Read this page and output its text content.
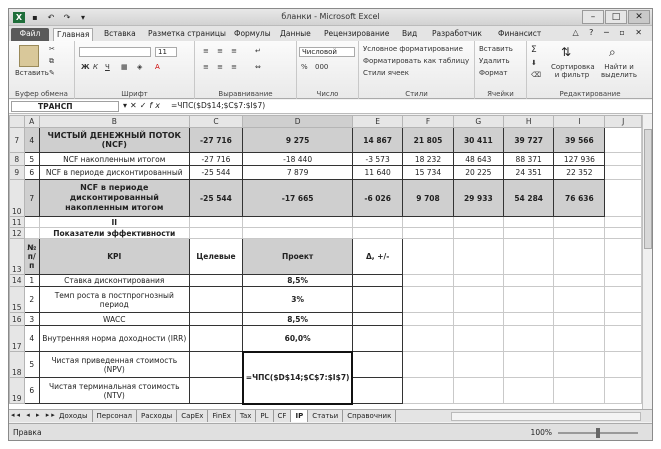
X	▪	↶	↷	▾	бланки - Microsoft Excel	–	□	✕
Файл	Главная	Вставка	Разметка страницы	Формулы	Данные	Рецензирование	Вид	Разработчик	Финансист	△ ? ─ ▫ ✕
Вставить
✂
⧉
✎
Буфер обмена
11
Ж К Ч ▦ ◈ A
Шрифт
≡ ≡ ≡
≡ ≡ ≡
↵
⇔
Выравнивание
Числовой
% 000
Число
Условное форматирование
Форматировать как таблицу
Стили ячеек
Стили
Вставить
Удалить
Формат
Ячейки
Σ
⬇
⌫
⇅
Сортировка и фильтр
⌕
Найти и выделить
Редактирование
ТРАНСП	▾✕✓fx =ЧПС($D$14;$C$7:$I$7)
	A	B	C	D	E	F	G	H	I	J
7	4	ЧИСТЫЙ ДЕНЕЖНЫЙ ПОТОК (NCF)	-27 716	9 275	14 867	21 805	30 411	39 727	39 566	
8	5	NCF накопленным итогом	-27 716	-18 440	-3 573	18 232	48 643	88 371	127 936	
9	6	NCF в периоде дисконтированный	-25 544	7 879	11 640	15 734	20 225	24 351	22 352	
10	7	NCF в периоде дисконтированный накопленным итогом	-25 544	-17 665	-6 026	9 708	29 933	54 284	76 636	
11		II								
12		Показатели эффективности								
13	№ п/п	KPI	Целевые	Проект	Δ, +/-					
14	1	Ставка дисконтирования		8,5%						
15	2	Темп роста в постпрогнозный период		3%						
16	3	WACC		8,5%						
17	4	Внутренняя норма доходности (IRR)		60,0%						
18	5	Чистая приведенная стоимость (NPV)		=ЧПС($D$14;$C$7:$I$7)						
19	6	Чистая терминальная стоимость (NTV)								
◂◂ ◂ ▸ ▸▸ Доходы	Персонал	Расходы	CapEx	FinEx	Tax	PL	CF	IP	Статьи	Справочник
Правка	100%
